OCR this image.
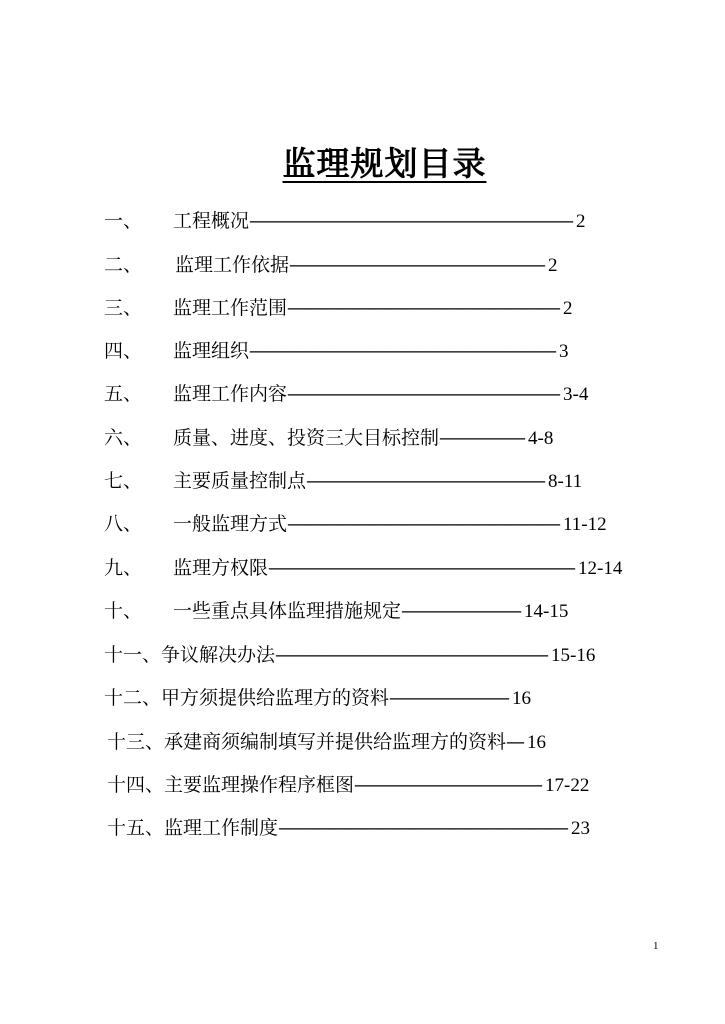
监理规划目录
一、 工程概况——————————————————— 2
二、 监理工作依据——————————————— 2
三、 监理工作范围———————————————— 2
四、 监理组织—————————————————— 3
五、 监理工作内容———————————————— 3-4
六、 质量、进度、投资三大目标控制————— 4-8
七、 主要质量控制点—————————————— 8-11
八、 一般监理方式———————————————— 11-12
九、 监理方权限—————————————————— 12-14
十、 一些重点具体监理措施规定——————— 14-15
十一、争议解决办法———————————————— 15-16
十二、甲方须提供给监理方的资料——————— 16
十三、承建商须编制填写并提供给监理方的资料— 16
十四、主要监理操作程序框图——————————— 17-22
十五、监理工作制度————————————————— 23
1
